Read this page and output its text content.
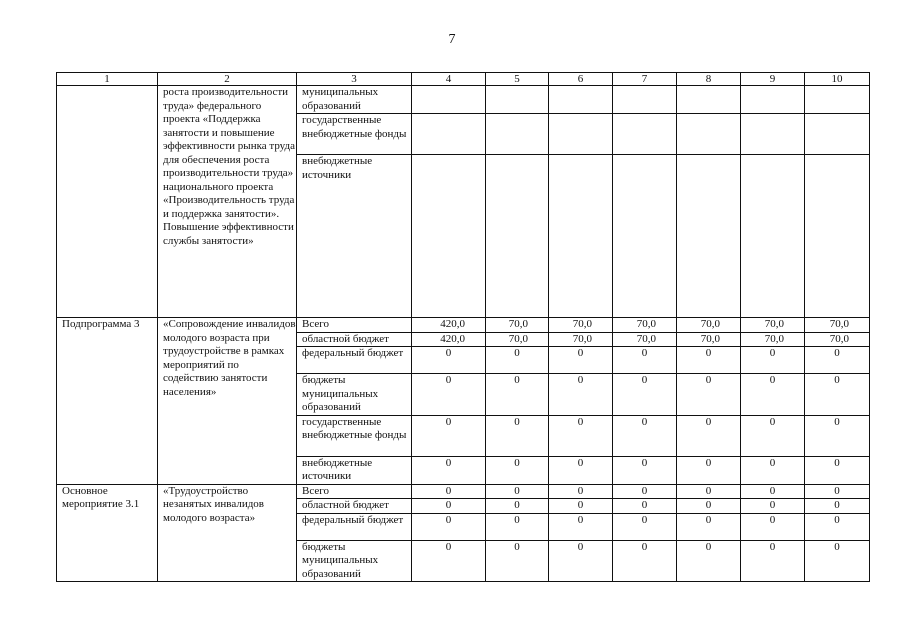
7
1	2	3	4	5	6	7	8	9	10
	роста производительности труда» федерального проекта «Поддержка занятости и повышение эффективности рынка труда для обеспечения роста производительности труда» национального проекта «Производительность труда и поддержка занятости». Повышение эффективности службы занятости»	муниципальных образований							
		государственные внебюджетные фонды							
		внебюджетные источники							
Подпрограмма 3	«Сопровождение инвалидов молодого возраста при трудоустройстве в рамках мероприятий по содействию занятости населения»	Всего	420,0	70,0	70,0	70,0	70,0	70,0	70,0
		областной бюджет	420,0	70,0	70,0	70,0	70,0	70,0	70,0
		федеральный бюджет	0	0	0	0	0	0	0
		бюджеты муниципальных образований	0	0	0	0	0	0	0
		государственные внебюджетные фонды	0	0	0	0	0	0	0
		внебюджетные источники	0	0	0	0	0	0	0
Основное мероприятие 3.1	«Трудоустройство незанятых инвалидов молодого возраста»	Всего	0	0	0	0	0	0	0
		областной бюджет	0	0	0	0	0	0	0
		федеральный бюджет	0	0	0	0	0	0	0
		бюджеты муниципальных образований	0	0	0	0	0	0	0
